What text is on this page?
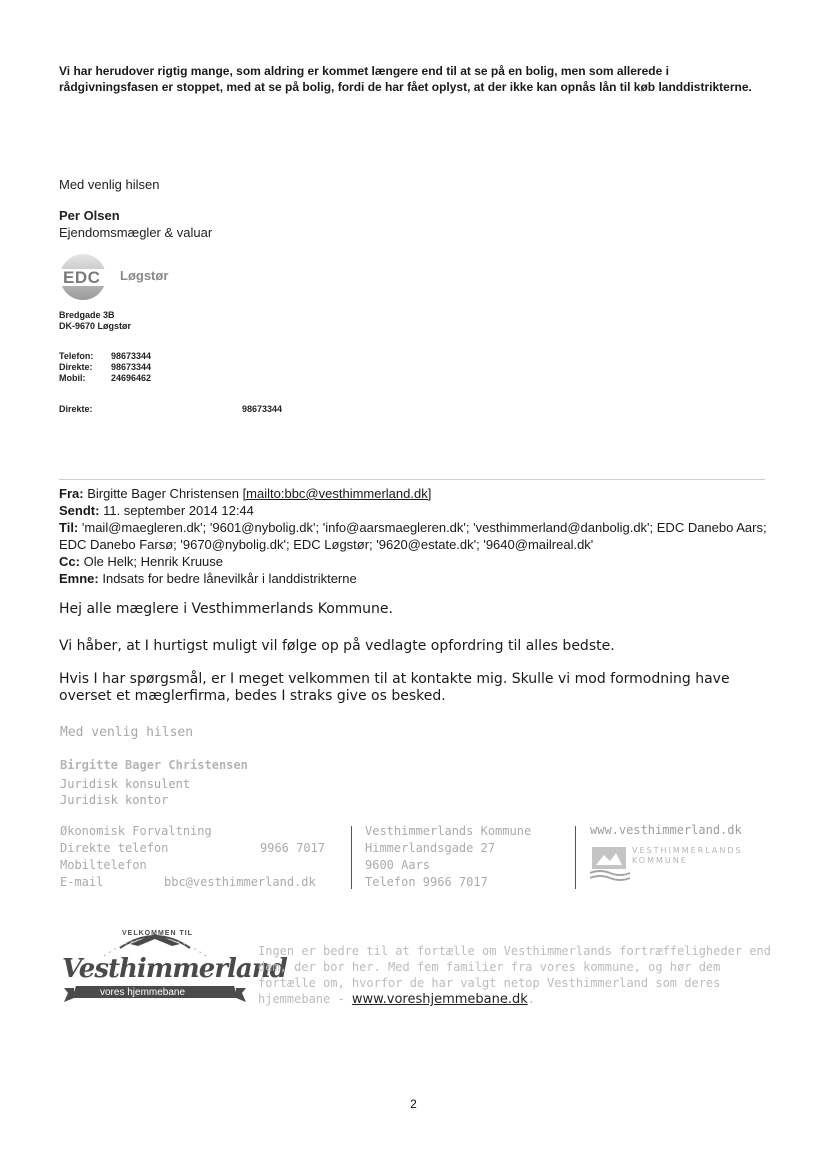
Vi har herudover rigtig mange, som aldring er kommet længere end til at se på en bolig, men som allerede i rådgivningsfasen er stoppet, med at se på bolig, fordi de har fået oplyst, at der ikke kan opnås lån til køb landdistrikterne.
Med venlig hilsen
Per Olsen
Ejendomsmægler & valuar
EDC Løgstør
Bredgade 3B
DK-9670 Løgstør
Telefon: 98673344
Direkte: 98673344
Mobil:	24696462
Direkte:	98673344
Fra: Birgitte Bager Christensen [mailto:bbc@vesthimmerland.dk]
Sendt: 11. september 2014 12:44
Til: 'mail@maegleren.dk'; '9601@nybolig.dk'; 'info@aarsmaegleren.dk'; 'vesthimmerland@danbolig.dk'; EDC Danebo Aars; EDC Danebo Farsø; '9670@nybolig.dk'; EDC Løgstør; '9620@estate.dk'; '9640@mailreal.dk'
Cc: Ole Helk; Henrik Kruuse
Emne: Indsats for bedre lånevilkår i landdistrikterne
Hej alle mæglere i Vesthimmerlands Kommune.
Vi håber, at I hurtigst muligt vil følge op på vedlagte opfordring til alles bedste.
Hvis I har spørgsmål, er I meget velkommen til at kontakte mig. Skulle vi mod formodning have overset et mæglerfirma, bedes I straks give os besked.
Med venlig hilsen
Birgitte Bager Christensen
Juridisk konsulent
Juridisk kontor
Økonomisk Forvaltning
Direkte telefon	9966 7017
Mobiltelefon
E-mail	bbc@vesthimmerland.dk
Vesthimmerlands Kommune
Himmerlandsgade 27
9600 Aars
Telefon 9966 7017
www.vesthimmerland.dk
VESTHIMMERLANDS
KOMMUNE
VELKOMMEN TIL
Vesthimmerland
vores hjemmebane
Ingen er bedre til at fortælle om Vesthimmerlands fortræffeligheder end dem, der bor her. Med fem familier fra vores kommune, og hør dem fortælle om, hvorfor de har valgt netop Vesthimmerland som deres hjemmebane - www.voreshjemmebane.dk.
2
